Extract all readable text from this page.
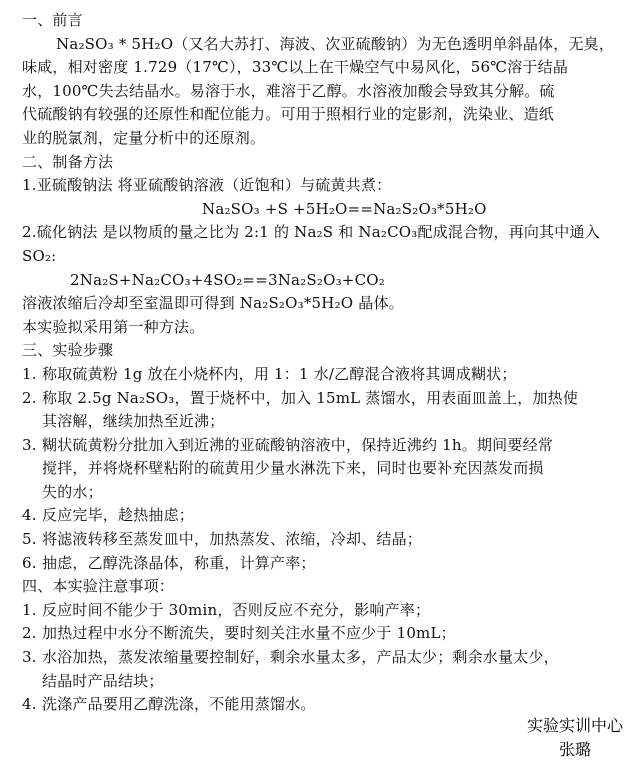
一、前言
Na₂SO₃ * 5H₂O（又名大苏打、海波、次亚硫酸钠）为无色透明单斜晶体，无臭，
味咸，相对密度 1.729（17℃），33℃以上在干燥空气中易风化，56℃溶于结晶
水，100℃失去结晶水。易溶于水，难溶于乙醇。水溶液加酸会导致其分解。硫
代硫酸钠有较强的还原性和配位能力。可用于照相行业的定影剂，洗染业、造纸
业的脱氯剂，定量分析中的还原剂。
二、制备方法
1.亚硫酸钠法 将亚硫酸钠溶液（近饱和）与硫黄共煮：
Na₂SO₃ +S +5H₂O==Na₂S₂O₃*5H₂O
2.硫化钠法 是以物质的量之比为 2:1 的 Na₂S 和 Na₂CO₃配成混合物，再向其中通入
SO₂:
2Na₂S+Na₂CO₃+4SO₂==3Na₂S₂O₃+CO₂
溶液浓缩后冷却至室温即可得到 Na₂S₂O₃*5H₂O 晶体。
本实验拟采用第一种方法。
三、实验步骤
1. 称取硫黄粉 1g 放在小烧杯内，用 1：1 水/乙醇混合液将其调成糊状；
2. 称取 2.5g Na₂SO₃，置于烧杯中，加入 15mL 蒸馏水，用表面皿盖上，加热使
其溶解，继续加热至近沸；
3. 糊状硫黄粉分批加入到近沸的亚硫酸钠溶液中，保持近沸约 1h。期间要经常
搅拌，并将烧杯壁粘附的硫黄用少量水淋洗下来，同时也要补充因蒸发而损
失的水；
4. 反应完毕，趁热抽虑；
5. 将滤液转移至蒸发皿中，加热蒸发、浓缩，冷却、结晶；
6. 抽虑，乙醇洗涤晶体，称重，计算产率；
四、本实验注意事项：
1. 反应时间不能少于 30min，否则反应不充分，影响产率；
2. 加热过程中水分不断流失，要时刻关注水量不应少于 10mL；
3. 水浴加热，蒸发浓缩量要控制好，剩余水量太多，产品太少；剩余水量太少，
结晶时产品结块；
4. 洗涤产品要用乙醇洗涤，不能用蒸馏水。
实验实训中心
张璐
